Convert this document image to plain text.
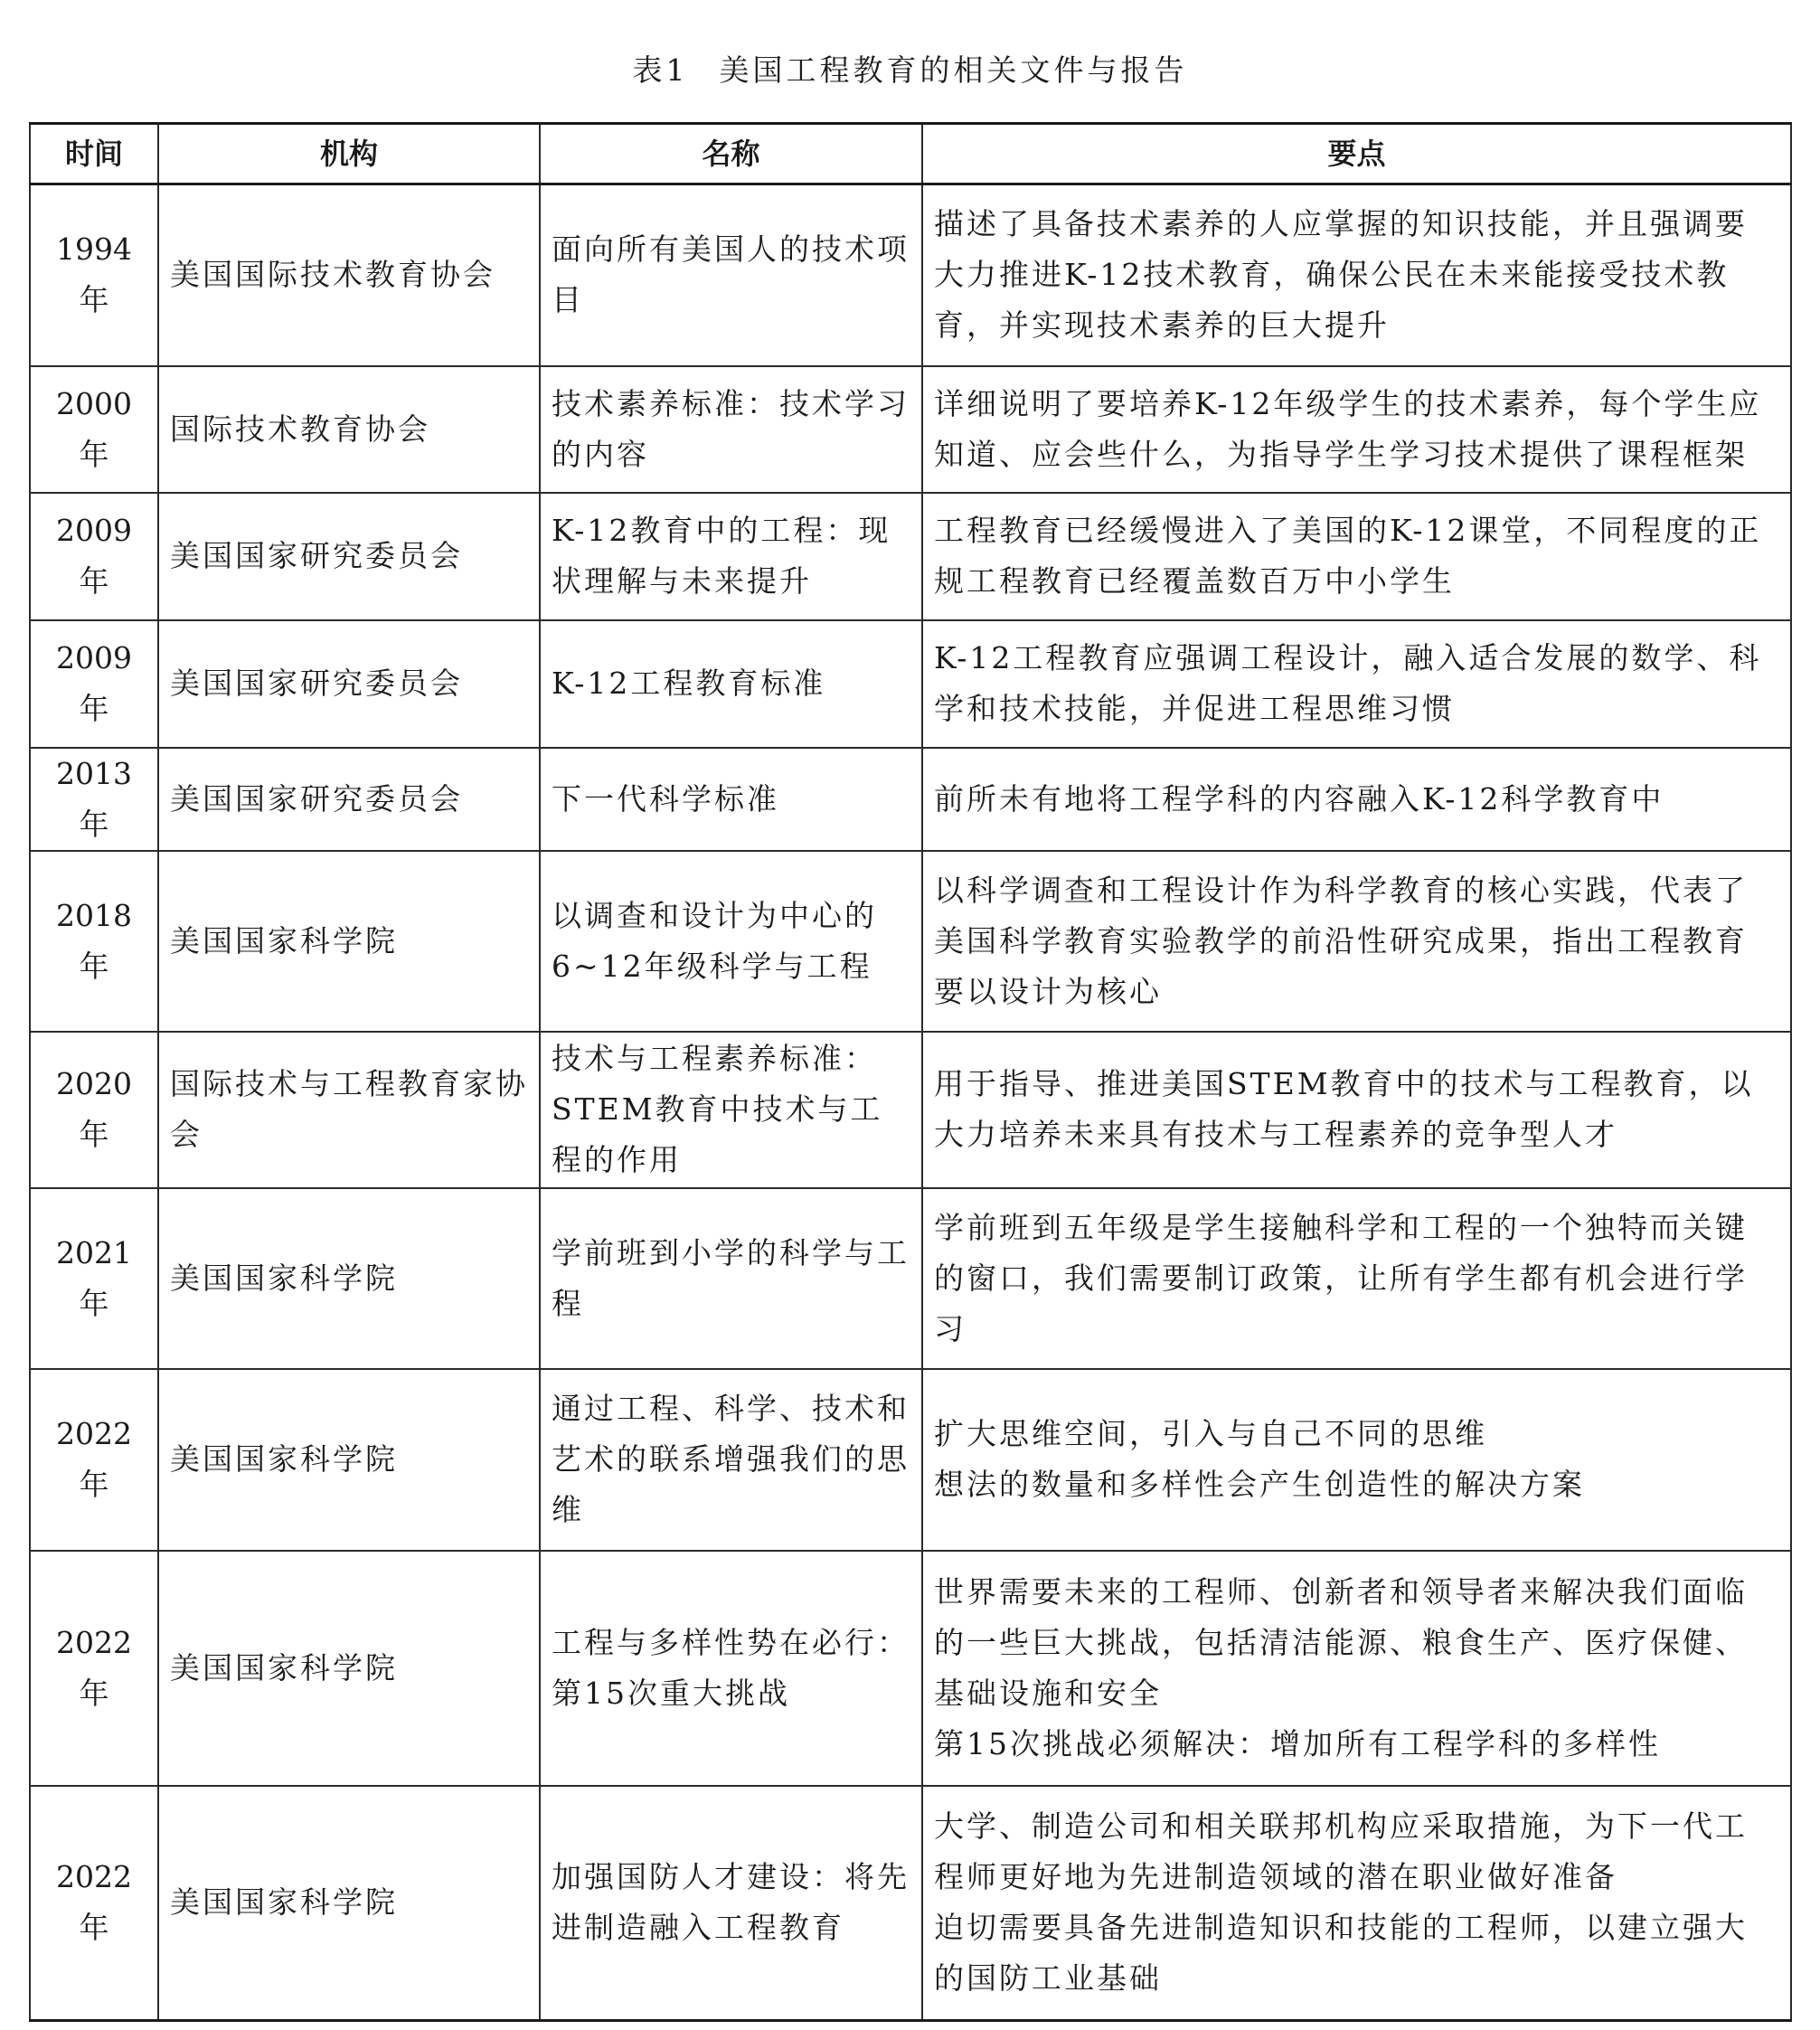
表1 美国工程教育的相关文件与报告
时间	机构	名称	要点
1994年	美国国际技术教育协会	面向所有美国人的技术项目	描述了具备技术素养的人应掌握的知识技能，并且强调要大力推进K-12技术教育，确保公民在未来能接受技术教育，并实现技术素养的巨大提升

2000年	国际技术教育协会	技术素养标准：技术学习的内容	详细说明了要培养K-12年级学生的技术素养，每个学生应知道、应会些什么，为指导学生学习技术提供了课程框架

2009年	美国国家研究委员会	K-12教育中的工程：现状理解与未来提升	工程教育已经缓慢进入了美国的K-12课堂，不同程度的正规工程教育已经覆盖数百万中小学生

2009年	美国国家研究委员会	K-12工程教育标准	K-12工程教育应强调工程设计，融入适合发展的数学、科学和技术技能，并促进工程思维习惯

2013年	美国国家研究委员会	下一代科学标准	前所未有地将工程学科的内容融入K-12科学教育中

2018年	美国国家科学院	以调查和设计为中心的6~12年级科学与工程	以科学调查和工程设计作为科学教育的核心实践，代表了美国科学教育实验教学的前沿性研究成果，指出工程教育要以设计为核心

2020年	国际技术与工程教育家协会	技术与工程素养标准：STEM教育中技术与工程的作用	用于指导、推进美国STEM教育中的技术与工程教育，以大力培养未来具有技术与工程素养的竞争型人才

2021年	美国国家科学院	学前班到小学的科学与工程	学前班到五年级是学生接触科学和工程的一个独特而关键的窗口，我们需要制订政策，让所有学生都有机会进行学习

2022年	美国国家科学院	通过工程、科学、技术和艺术的联系增强我们的思维	扩大思维空间，引入与自己不同的思维
想法的数量和多样性会产生创造性的解决方案

2022年	美国国家科学院	工程与多样性势在必行：第15次重大挑战	世界需要未来的工程师、创新者和领导者来解决我们面临的一些巨大挑战，包括清洁能源、粮食生产、医疗保健、基础设施和安全
第15次挑战必须解决：增加所有工程学科的多样性

2022年	美国国家科学院	加强国防人才建设：将先进制造融入工程教育	大学、制造公司和相关联邦机构应采取措施，为下一代工程师更好地为先进制造领域的潜在职业做好准备
迫切需要具备先进制造知识和技能的工程师，以建立强大的国防工业基础
